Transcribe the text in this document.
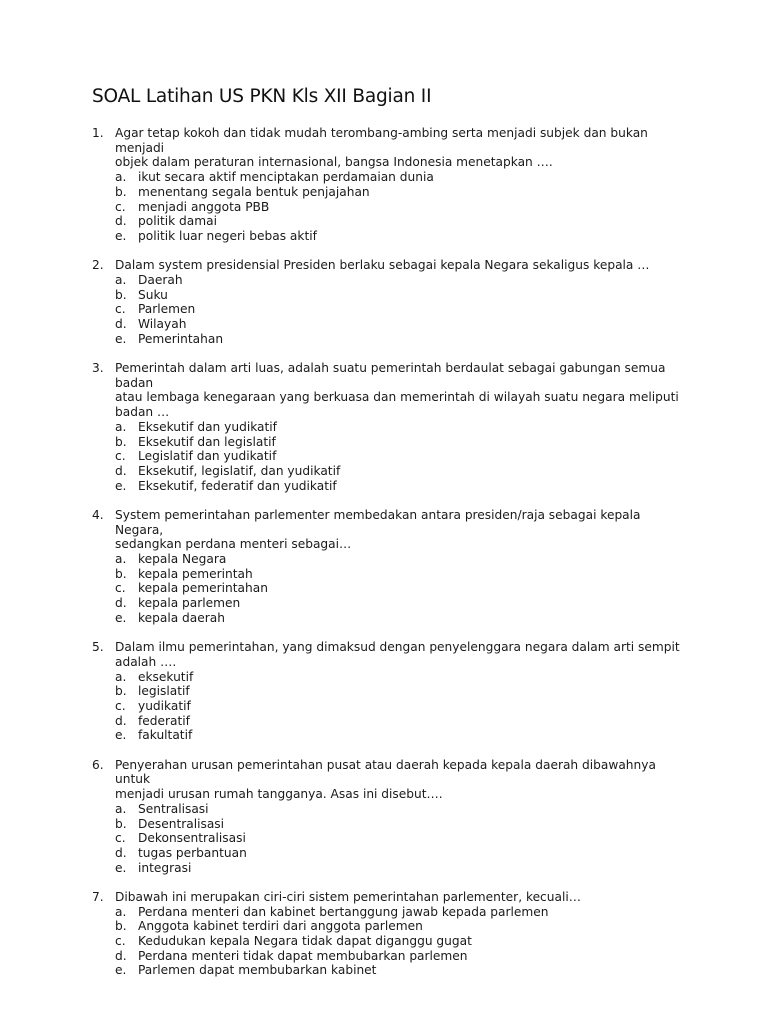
SOAL Latihan US PKN Kls XII Bagian II
1. Agar tetap kokoh dan tidak mudah terombang-ambing serta menjadi subjek dan bukan menjadi
objek dalam peraturan internasional, bangsa Indonesia menetapkan ….
a. ikut secara aktif menciptakan perdamaian dunia
b. menentang segala bentuk penjajahan
c. menjadi anggota PBB
d. politik damai
e. politik luar negeri bebas aktif
2. Dalam system presidensial Presiden berlaku sebagai kepala Negara sekaligus kepala …
a. Daerah
b. Suku
c. Parlemen
d. Wilayah
e. Pemerintahan
3. Pemerintah dalam arti luas, adalah suatu pemerintah berdaulat sebagai gabungan semua badan
atau lembaga kenegaraan yang berkuasa dan memerintah di wilayah suatu negara meliputi
badan …
a. Eksekutif dan yudikatif
b. Eksekutif dan legislatif
c. Legislatif dan yudikatif
d. Eksekutif, legislatif, dan yudikatif
e. Eksekutif, federatif dan yudikatif
4. System pemerintahan parlementer membedakan antara presiden/raja sebagai kepala Negara,
sedangkan perdana menteri sebagai…
a. kepala Negara
b. kepala pemerintah
c. kepala pemerintahan
d. kepala parlemen
e. kepala daerah
5. Dalam ilmu pemerintahan, yang dimaksud dengan penyelenggara negara dalam arti sempit
adalah ….
a. eksekutif
b. legislatif
c. yudikatif
d. federatif
e. fakultatif
6. Penyerahan urusan pemerintahan pusat atau daerah kepada kepala daerah dibawahnya untuk
menjadi urusan rumah tangganya. Asas ini disebut….
a. Sentralisasi
b. Desentralisasi
c. Dekonsentralisasi
d. tugas perbantuan
e. integrasi
7. Dibawah ini merupakan ciri-ciri sistem pemerintahan parlementer, kecuali…
a. Perdana menteri dan kabinet bertanggung jawab kepada parlemen
b. Anggota kabinet terdiri dari anggota parlemen
c. Kedudukan kepala Negara tidak dapat diganggu gugat
d. Perdana menteri tidak dapat membubarkan parlemen
e. Parlemen dapat membubarkan kabinet
